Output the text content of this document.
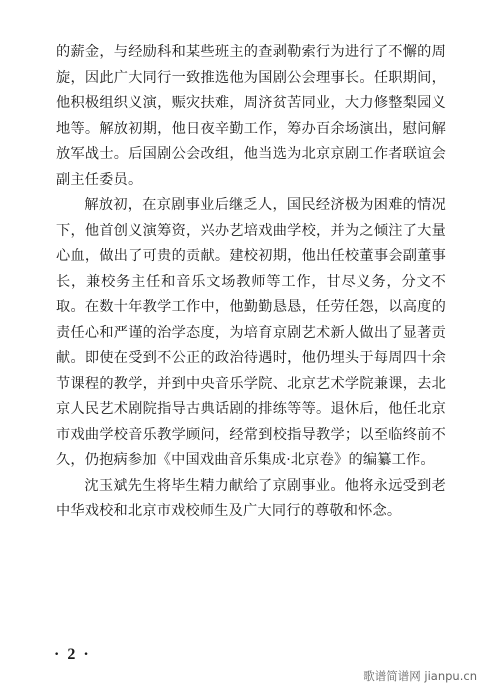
的薪金，与经励科和某些班主的查剥勒索行为进行了不懈的周旋，因此广大同行一致推选他为国剧公会理事长。任职期间，他积极组织义演，赈灾扶难，周济贫苦同业，大力修整梨园义地等。解放初期，他日夜辛勤工作，筹办百余场演出，慰问解放军战士。后国剧公会改组，他当选为北京京剧工作者联谊会副主任委员。

解放初，在京剧事业后继乏人，国民经济极为困难的情况下，他首创义演筹资，兴办艺培戏曲学校，并为之倾注了大量心血，做出了可贵的贡献。建校初期，他出任校董事会副董事长，兼校务主任和音乐文场教师等工作，甘尽义务，分文不取。在数十年教学工作中，他勤勤恳恳，任劳任怨，以高度的责任心和严谨的治学态度，为培育京剧艺术新人做出了显著贡献。即使在受到不公正的政治待遇时，他仍埋头于每周四十余节课程的教学，并到中央音乐学院、北京艺术学院兼课，去北京人民艺术剧院指导古典话剧的排练等等。退休后，他任北京市戏曲学校音乐教学顾问，经常到校指导教学；以至临终前不久，仍抱病参加《中国戏曲音乐集成·北京卷》的编纂工作。

沈玉斌先生将毕生精力献给了京剧事业。他将永远受到老中华戏校和北京市戏校师生及广大同行的尊敬和怀念。

· 2 ·
歌谱简谱网 jianpu.cn
